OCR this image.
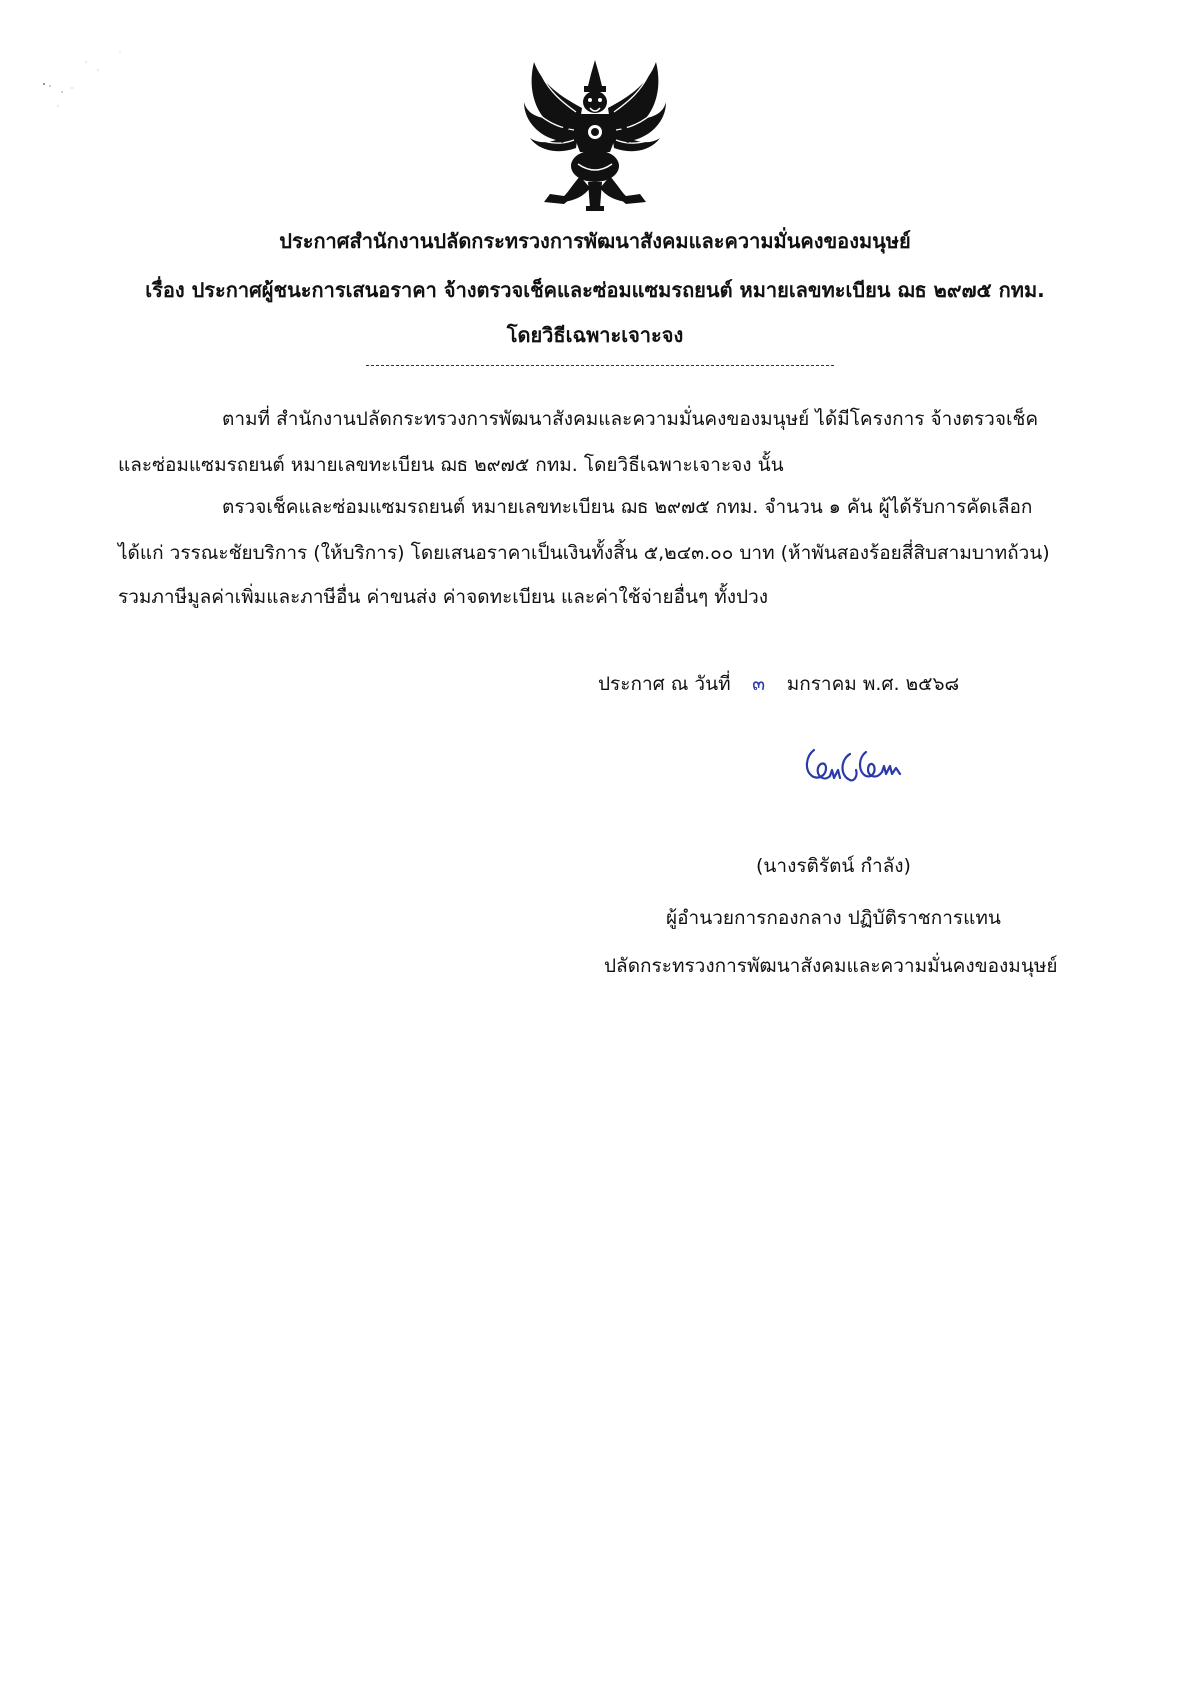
ประกาศสำนักงานปลัดกระทรวงการพัฒนาสังคมและความมั่นคงของมนุษย์
เรื่อง ประกาศผู้ชนะการเสนอราคา จ้างตรวจเช็คและซ่อมแซมรถยนต์ หมายเลขทะเบียน ฌธ ๒๙๗๕ กทม.
โดยวิธีเฉพาะเจาะจง
ตามที่ สำนักงานปลัดกระทรวงการพัฒนาสังคมและความมั่นคงของมนุษย์ ได้มีโครงการ จ้างตรวจเช็ค
และซ่อมแซมรถยนต์ หมายเลขทะเบียน ฌธ ๒๙๗๕ กทม. โดยวิธีเฉพาะเจาะจง นั้น
ตรวจเช็คและซ่อมแซมรถยนต์ หมายเลขทะเบียน ฌธ ๒๙๗๕ กทม. จำนวน ๑ คัน ผู้ได้รับการคัดเลือก
ได้แก่ วรรณะชัยบริการ (ให้บริการ) โดยเสนอราคาเป็นเงินทั้งสิ้น ๕,๒๔๓.๐๐ บาท (ห้าพันสองร้อยสี่สิบสามบาทถ้วน)
รวมภาษีมูลค่าเพิ่มและภาษีอื่น ค่าขนส่ง ค่าจดทะเบียน และค่าใช้จ่ายอื่นๆ ทั้งปวง
ประกาศ ณ วันที่ ๓ มกราคม พ.ศ. ๒๕๖๘
(นางรติรัตน์ กำลัง)
ผู้อำนวยการกองกลาง ปฏิบัติราชการแทน
ปลัดกระทรวงการพัฒนาสังคมและความมั่นคงของมนุษย์
